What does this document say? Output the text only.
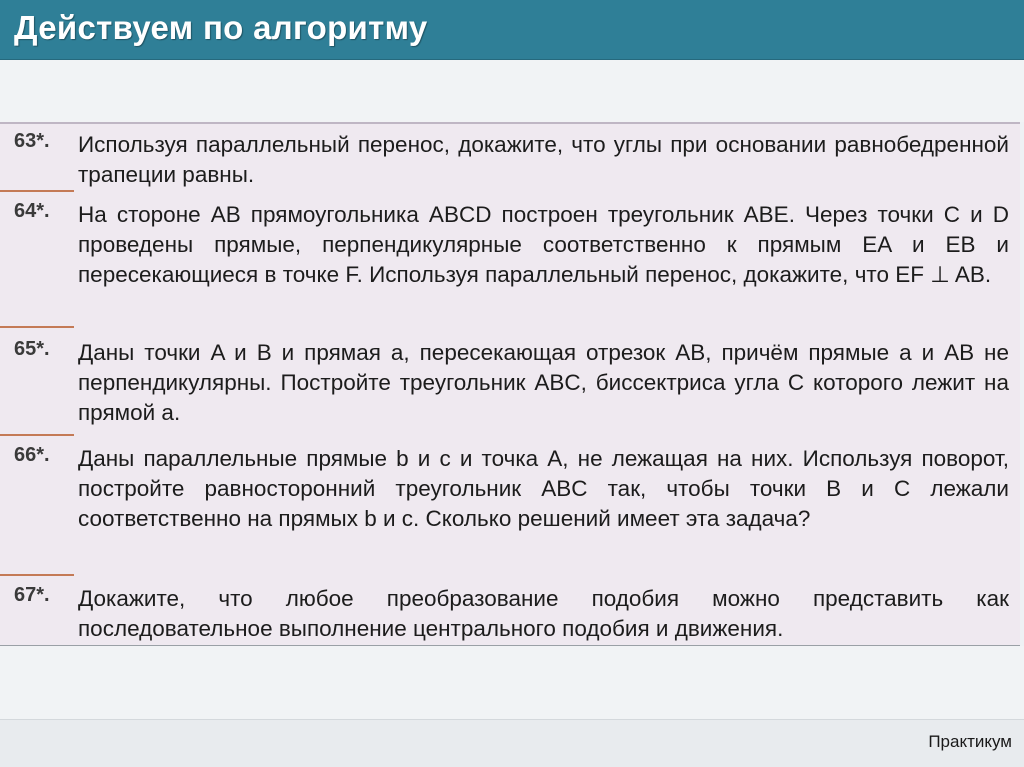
Действуем по алгоритму
63*. Используя параллельный перенос, докажите, что углы при основании равнобедренной трапеции равны.
64*. На стороне AB прямоугольника ABCD построен треугольник ABE. Через точки C и D проведены прямые, перпендикулярные соответственно к прямым EA и EB и пересекающиеся в точке F. Используя параллельный перенос, докажите, что EF ⊥ AB.
65*. Даны точки A и B и прямая a, пересекающая отрезок AB, причём прямые a и AB не перпендикулярны. Постройте треугольник ABC, биссектриса угла C которого лежит на прямой a.
66*. Даны параллельные прямые b и c и точка A, не лежащая на них. Используя поворот, постройте равносторонний треугольник ABC так, чтобы точки B и C лежали соответственно на прямых b и c. Сколько решений имеет эта задача?
67*. Докажите, что любое преобразование подобия можно представить как последовательное выполнение центрального подобия и движения.
Практикум
